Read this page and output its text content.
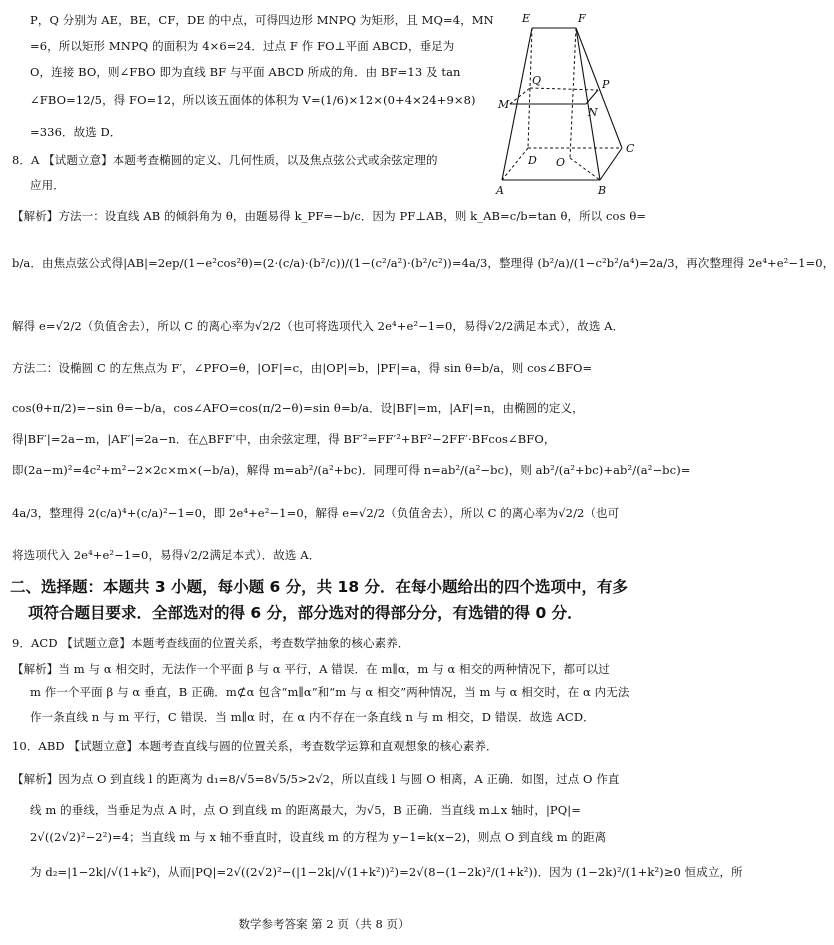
E	F
Q	P
M
N
D O
C
A	B
P，Q 分别为 AE，BE，CF，DE 的中点，可得四边形 MNPQ 为矩形，且 MQ=4，MN
=6，所以矩形 MNPQ 的面积为 4×6=24．过点 F 作 FO⊥平面 ABCD，垂足为
O，连接 BO，则∠FBO 即为直线 BF 与平面 ABCD 所成的角．由 BF=13 及 tan
∠FBO=12/5，得 FO=12，所以该五面体的体积为 V=(1/6)×12×(0+4×24+9×8)
=336．故选 D．
8．A 【试题立意】本题考查椭圆的定义、几何性质，以及焦点弦公式或余弦定理的
应用．
【解析】方法一：设直线 AB 的倾斜角为 θ，由题易得 k_PF=−b/c．因为 PF⊥AB，则 k_AB=c/b=tan θ，所以 cos θ=
b/a．由焦点弦公式得|AB|=2ep/(1−e²cos²θ)=(2·(c/a)·(b²/c))/(1−(c²/a²)·(b²/c²))=4a/3，整理得 (b²/a)/(1−c²b²/a⁴)=2a/3，再次整理得 2e⁴+e²−1=0，
解得 e=√2/2（负值舍去），所以 C 的离心率为√2/2（也可将选项代入 2e⁴+e²−1=0，易得√2/2满足本式），故选 A．
方法二：设椭圆 C 的左焦点为 F′，∠PFO=θ，|OF|=c，由|OP|=b，|PF|=a，得 sin θ=b/a，则 cos∠BFO=
cos(θ+π/2)=−sin θ=−b/a，cos∠AFO=cos(π/2−θ)=sin θ=b/a．设|BF|=m，|AF|=n，由椭圆的定义，
得|BF′|=2a−m，|AF′|=2a−n．在△BFF′中，由余弦定理，得 BF′²=FF′²+BF²−2FF′·BFcos∠BFO，
即(2a−m)²=4c²+m²−2×2c×m×(−b/a)，解得 m=ab²/(a²+bc)．同理可得 n=ab²/(a²−bc)，则 ab²/(a²+bc)+ab²/(a²−bc)=
4a/3，整理得 2(c/a)⁴+(c/a)²−1=0，即 2e⁴+e²−1=0，解得 e=√2/2（负值舍去），所以 C 的离心率为√2/2（也可
将选项代入 2e⁴+e²−1=0，易得√2/2满足本式）．故选 A．
二、选择题：本题共 3 小题，每小题 6 分，共 18 分．在每小题给出的四个选项中，有多
项符合题目要求．全部选对的得 6 分，部分选对的得部分分，有选错的得 0 分．
9．ACD 【试题立意】本题考查线面的位置关系，考查数学抽象的核心素养．
【解析】当 m 与 α 相交时，无法作一个平面 β 与 α 平行，A 错误．在 m∥α，m 与 α 相交的两种情况下，都可以过
m 作一个平面 β 与 α 垂直，B 正确．m⊄α 包含“m∥α”和“m 与 α 相交”两种情况，当 m 与 α 相交时，在 α 内无法
作一条直线 n 与 m 平行，C 错误．当 m∥α 时，在 α 内不存在一条直线 n 与 m 相交，D 错误．故选 ACD．
10．ABD 【试题立意】本题考查直线与圆的位置关系，考查数学运算和直观想象的核心素养．
【解析】因为点 O 到直线 l 的距离为 d₁=8/√5=8√5/5>2√2，所以直线 l 与圆 O 相离，A 正确．如图，过点 O 作直
线 m 的垂线，当垂足为点 A 时，点 O 到直线 m 的距离最大，为√5，B 正确．当直线 m⊥x 轴时，|PQ|=
2√((2√2)²−2²)=4；当直线 m 与 x 轴不垂直时，设直线 m 的方程为 y−1=k(x−2)，则点 O 到直线 m 的距离
为 d₂=|1−2k|/√(1+k²)，从而|PQ|=2√((2√2)²−(|1−2k|/√(1+k²))²)=2√(8−(1−2k)²/(1+k²))．因为 (1−2k)²/(1+k²)≥0 恒成立，所
数学参考答案 第 2 页（共 8 页）
